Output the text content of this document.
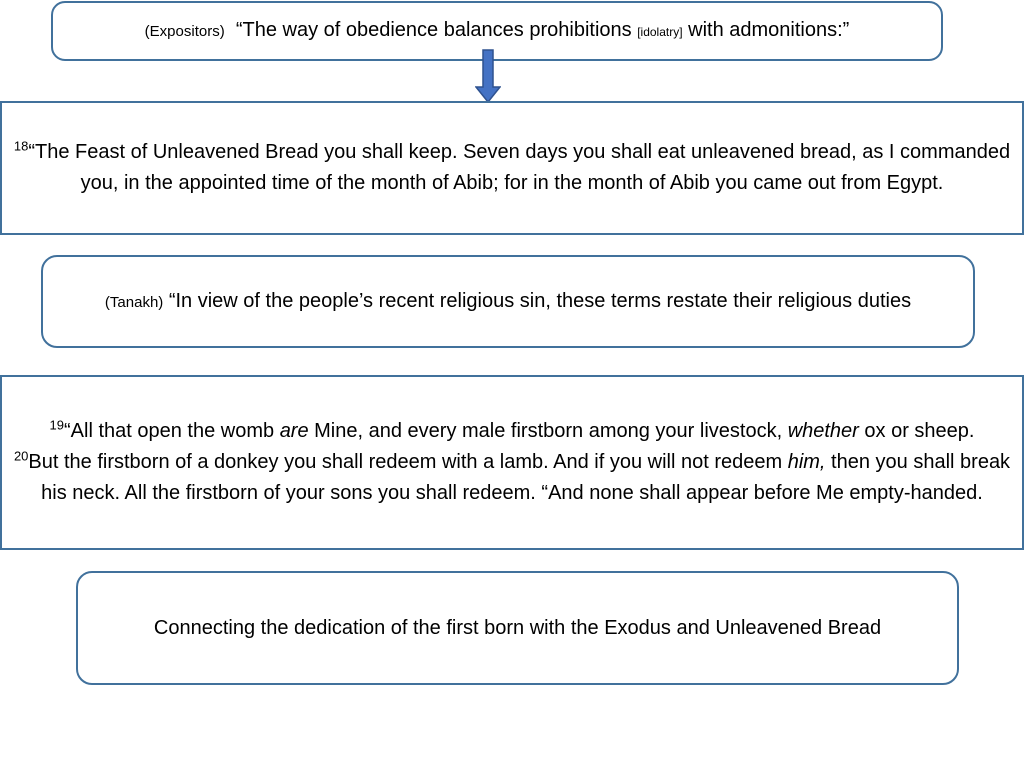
(Expositors) “The way of obedience balances prohibitions [idolatry] with admonitions:”
$^{18}$“The Feast of Unleavened Bread you shall keep. Seven days you shall eat unleavened bread, as I commanded you, in the appointed time of the month of Abib; for in the month of Abib you came out from Egypt.
(Tanakh) “In view of the people’s recent religious sin, these terms restate their religious duties
$^{19}$“All that open the womb are Mine, and every male firstborn among your livestock, whether ox or sheep.
$^{20}$But the firstborn of a donkey you shall redeem with a lamb. And if you will not redeem him, then you shall break his neck. All the firstborn of your sons you shall redeem. “And none shall appear before Me empty-handed.
Connecting the dedication of the first born with the Exodus and Unleavened Bread
